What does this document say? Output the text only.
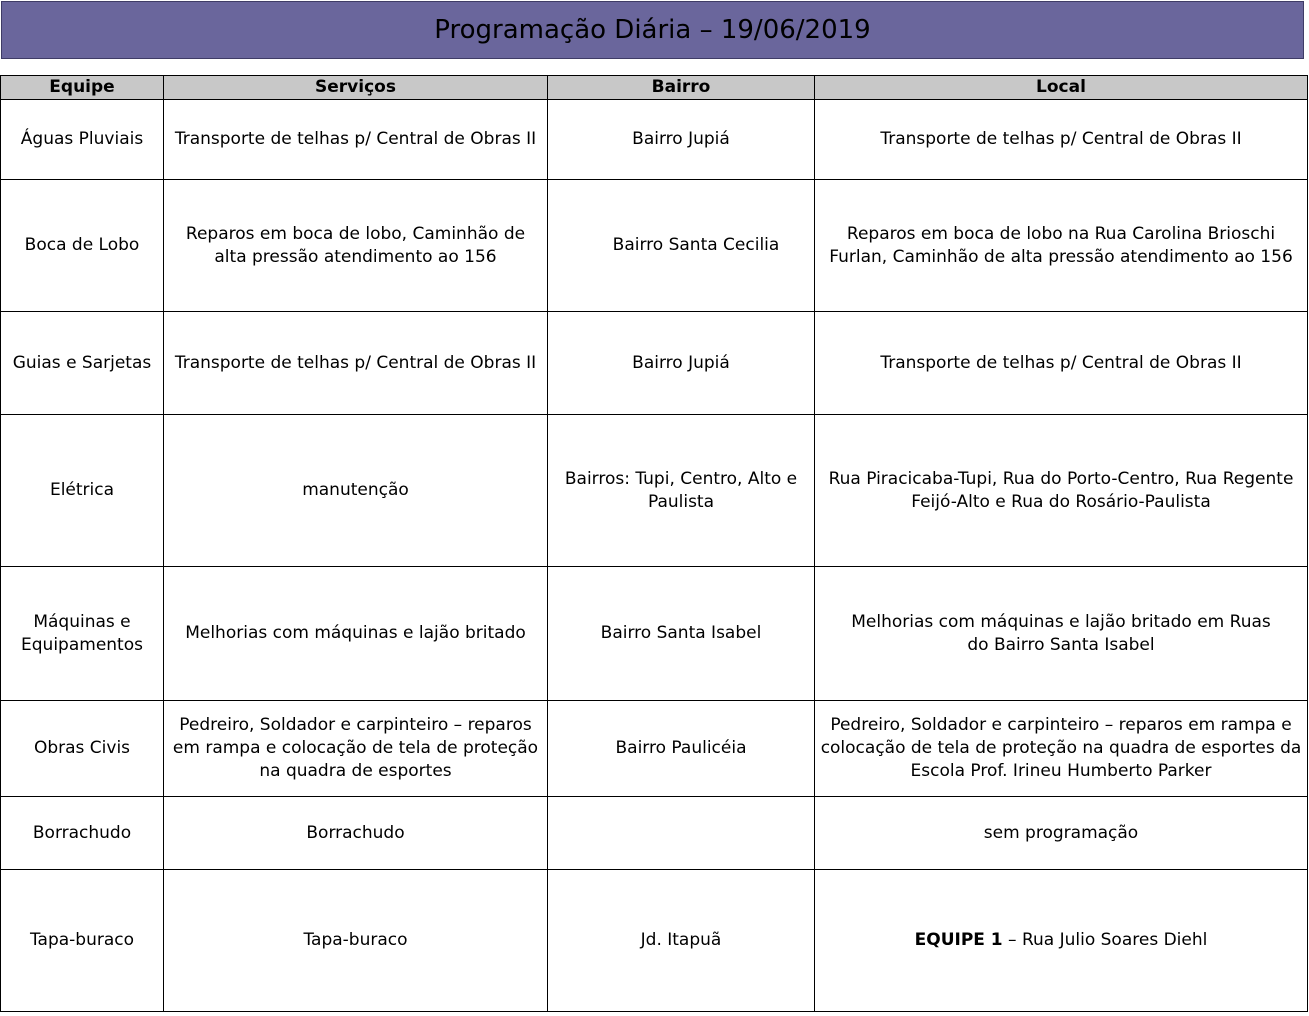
Programação Diária – 19/06/2019
Equipe	Serviços	Bairro	Local
Águas Pluviais	Transporte de telhas p/ Central de Obras II	Bairro Jupiá	Transporte de telhas p/ Central de Obras II
Boca de Lobo	Reparos em boca de lobo, Caminhão de alta pressão atendimento ao 156	Bairro Santa Cecilia	Reparos em boca de lobo na Rua Carolina Brioschi Furlan, Caminhão de alta pressão atendimento ao 156
Guias e Sarjetas	Transporte de telhas p/ Central de Obras II	Bairro Jupiá	Transporte de telhas p/ Central de Obras II
Elétrica	manutenção	Bairros: Tupi, Centro, Alto e Paulista	Rua Piracicaba-Tupi, Rua do Porto-Centro, Rua Regente Feijó-Alto e Rua do Rosário-Paulista
Máquinas e Equipamentos	Melhorias com máquinas e lajão britado	Bairro Santa Isabel	Melhorias com máquinas e lajão britado em Ruas do Bairro Santa Isabel
Obras Civis	Pedreiro, Soldador e carpinteiro – reparos em rampa e colocação de tela de proteção na quadra de esportes	Bairro Paulicéia	Pedreiro, Soldador e carpinteiro – reparos em rampa e colocação de tela de proteção na quadra de esportes da Escola Prof. Irineu Humberto Parker
Borrachudo	Borrachudo		sem programação
Tapa-buraco	Tapa-buraco	Jd. Itapuã	EQUIPE 1 – Rua Julio Soares Diehl
